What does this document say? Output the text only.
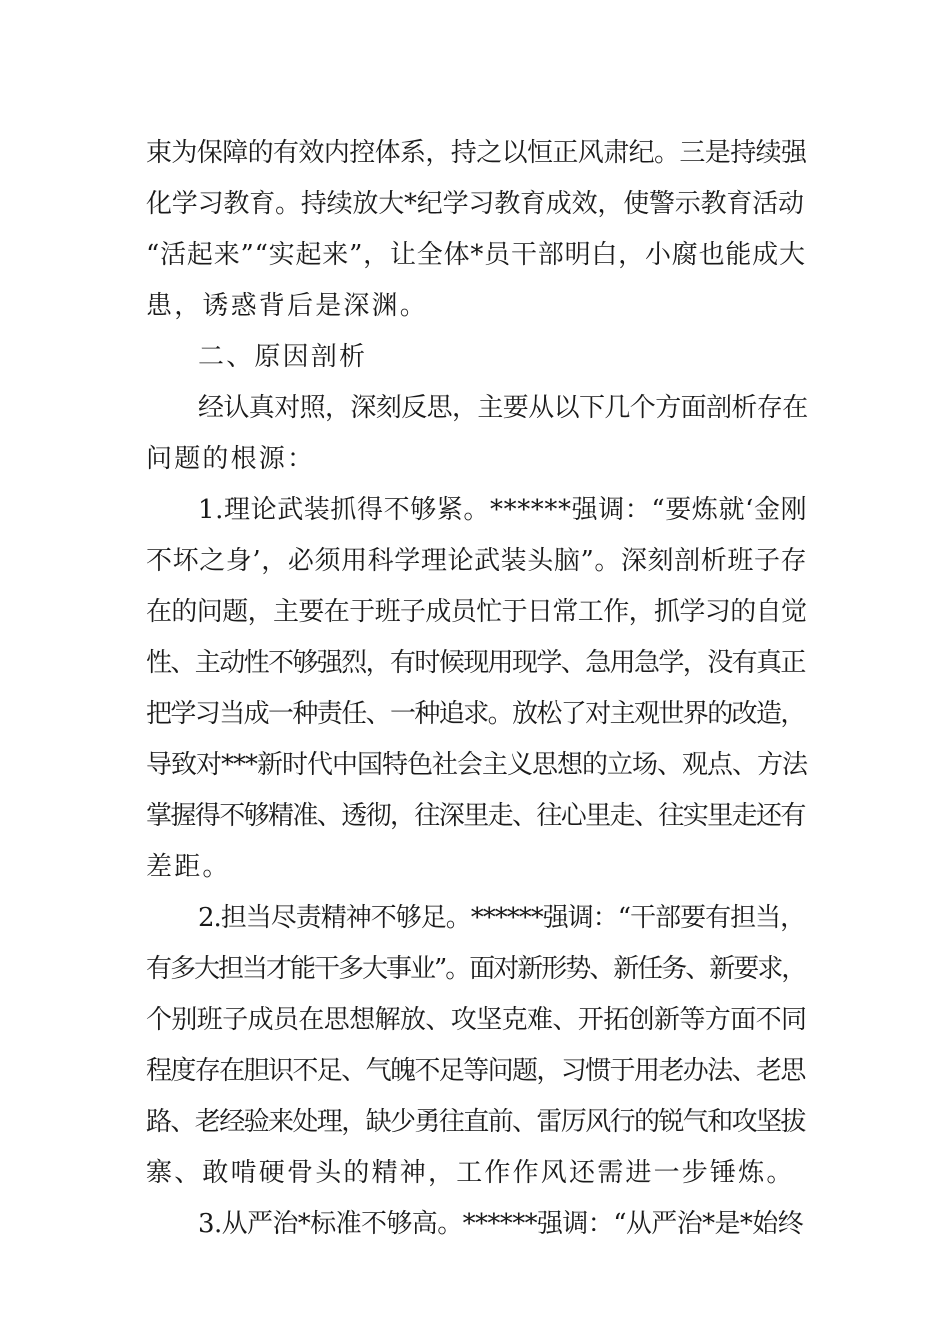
束为保障的有效内控体系，持之以恒正风肃纪。三是持续强
化学习教育。持续放大*纪学习教育成效，使警示教育活动
“活起来”“实起来”，让全体*员干部明白，小腐也能成大
患，诱惑背后是深渊。
二、原因剖析
经认真对照，深刻反思，主要从以下几个方面剖析存在
问题的根源：
1.理论武装抓得不够紧。******强调：“要炼就‘金刚
不坏之身’，必须用科学理论武装头脑”。深刻剖析班子存
在的问题，主要在于班子成员忙于日常工作，抓学习的自觉
性、主动性不够强烈，有时候现用现学、急用急学，没有真正
把学习当成一种责任、一种追求。放松了对主观世界的改造，
导致对***新时代中国特色社会主义思想的立场、观点、方法
掌握得不够精准、透彻，往深里走、往心里走、往实里走还有
差距。
2.担当尽责精神不够足。******强调：“干部要有担当，
有多大担当才能干多大事业”。面对新形势、新任务、新要求，
个别班子成员在思想解放、攻坚克难、开拓创新等方面不同
程度存在胆识不足、气魄不足等问题，习惯于用老办法、老思
路、老经验来处理，缺少勇往直前、雷厉风行的锐气和攻坚拔
寨、敢啃硬骨头的精神，工作作风还需进一步锤炼。
3.从严治*标准不够高。******强调：“从严治*是*始终
